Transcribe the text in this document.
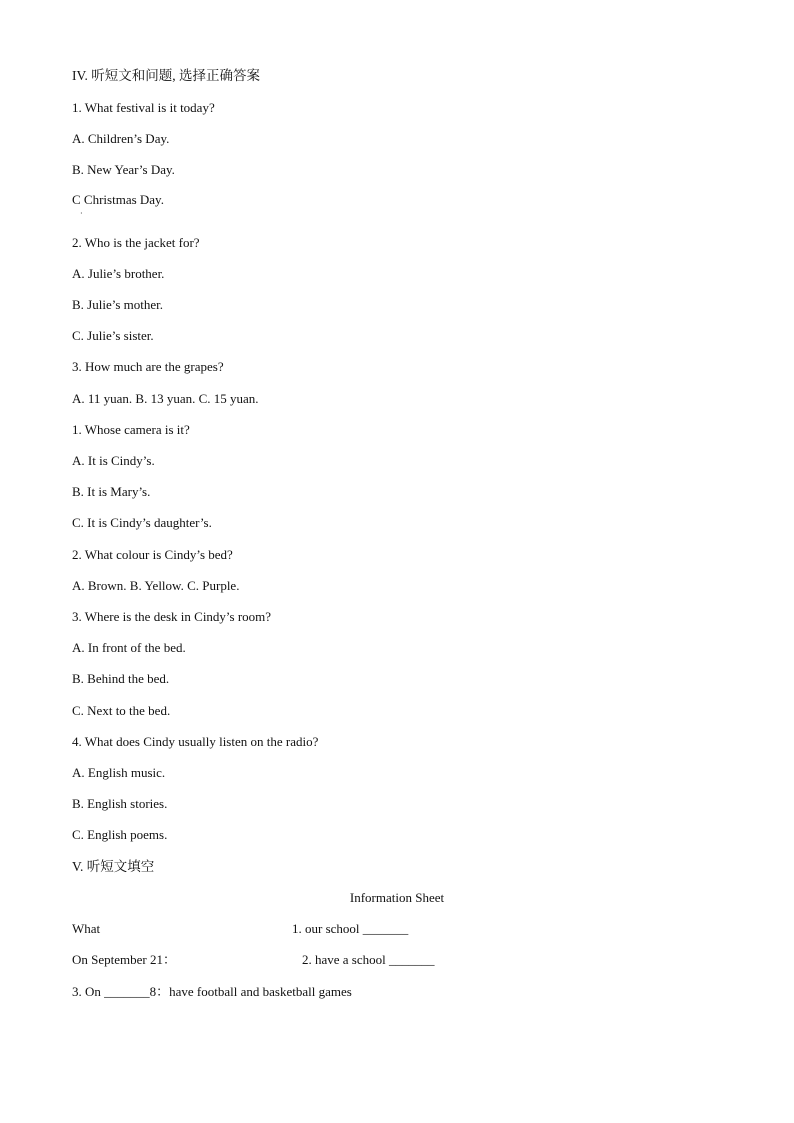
IV. 听短文和问题, 选择正确答案
1. What festival is it today?
A. Children’s Day.
B. New Year’s Day.
C Christmas Day.
·
2. Who is the jacket for?
A. Julie’s brother.
B. Julie’s mother.
C. Julie’s sister.
3. How much are the grapes?
A. 11 yuan. B. 13 yuan. C. 15 yuan.
1. Whose camera is it?
A. It is Cindy’s.
B. It is Mary’s.
C. It is Cindy’s daughter’s.
2. What colour is Cindy’s bed?
A. Brown. B. Yellow. C. Purple.
3. Where is the desk in Cindy’s room?
A. In front of the bed.
B. Behind the bed.
C. Next to the bed.
4. What does Cindy usually listen on the radio?
A. English music.
B. English stories.
C. English poems.
V. 听短文填空
Information Sheet
What	1. our school _______
On September 21：	2. have a school _______
3. On _______8：have football and basketball games
